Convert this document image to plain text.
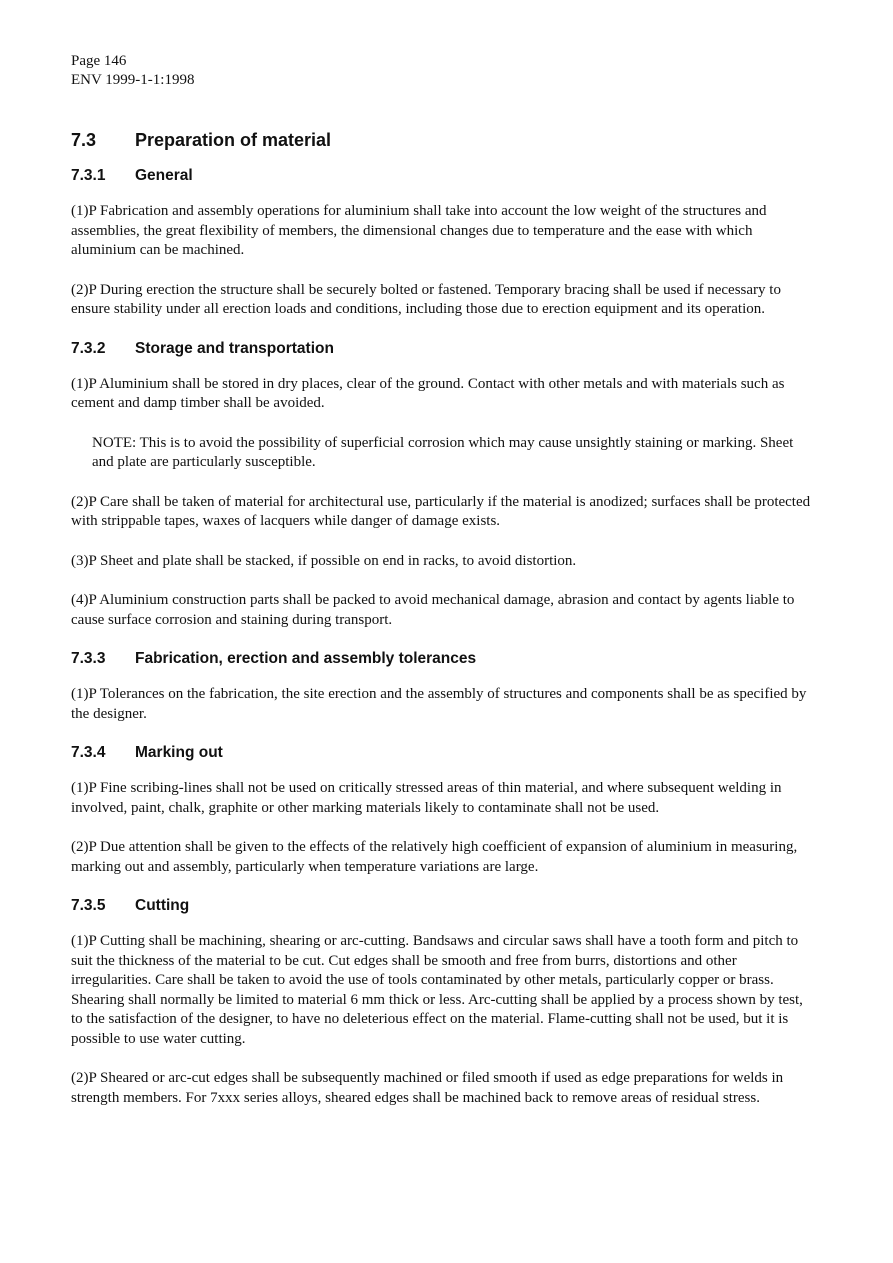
Page 146
ENV 1999-1-1:1998
7.3	Preparation of material
7.3.1	General

(1)P Fabrication and assembly operations for aluminium shall take into account the low weight of the structures and assemblies, the great flexibility of members, the dimensional changes due to temperature and the ease with which aluminium can be machined.

(2)P During erection the structure shall be securely bolted or fastened. Temporary bracing shall be used if necessary to ensure stability under all erection loads and conditions, including those due to erection equipment and its operation.

7.3.2	Storage and transportation

(1)P Aluminium shall be stored in dry places, clear of the ground. Contact with other metals and with materials such as cement and damp timber shall be avoided.

NOTE: This is to avoid the possibility of superficial corrosion which may cause unsightly staining or marking. Sheet and plate are particularly susceptible.

(2)P Care shall be taken of material for architectural use, particularly if the material is anodized; surfaces shall be protected with strippable tapes, waxes of lacquers while danger of damage exists.

(3)P Sheet and plate shall be stacked, if possible on end in racks, to avoid distortion.

(4)P Aluminium construction parts shall be packed to avoid mechanical damage, abrasion and contact by agents liable to cause surface corrosion and staining during transport.

7.3.3	Fabrication, erection and assembly tolerances

(1)P Tolerances on the fabrication, the site erection and the assembly of structures and components shall be as specified by the designer.

7.3.4	Marking out

(1)P Fine scribing-lines shall not be used on critically stressed areas of thin material, and where subsequent welding in involved, paint, chalk, graphite or other marking materials likely to contaminate shall not be used.

(2)P Due attention shall be given to the effects of the relatively high coefficient of expansion of aluminium in measuring, marking out and assembly, particularly when temperature variations are large.

7.3.5	Cutting

(1)P Cutting shall be machining, shearing or arc-cutting. Bandsaws and circular saws shall have a tooth form and pitch to suit the thickness of the material to be cut. Cut edges shall be smooth and free from burrs, distortions and other irregularities. Care shall be taken to avoid the use of tools contaminated by other metals, particularly copper or brass. Shearing shall normally be limited to material 6 mm thick or less. Arc-cutting shall be applied by a process shown by test, to the satisfaction of the designer, to have no deleterious effect on the material. Flame-cutting shall not be used, but it is possible to use water cutting.

(2)P Sheared or arc-cut edges shall be subsequently machined or filed smooth if used as edge preparations for welds in strength members. For 7xxx series alloys, sheared edges shall be machined back to remove areas of residual stress.
